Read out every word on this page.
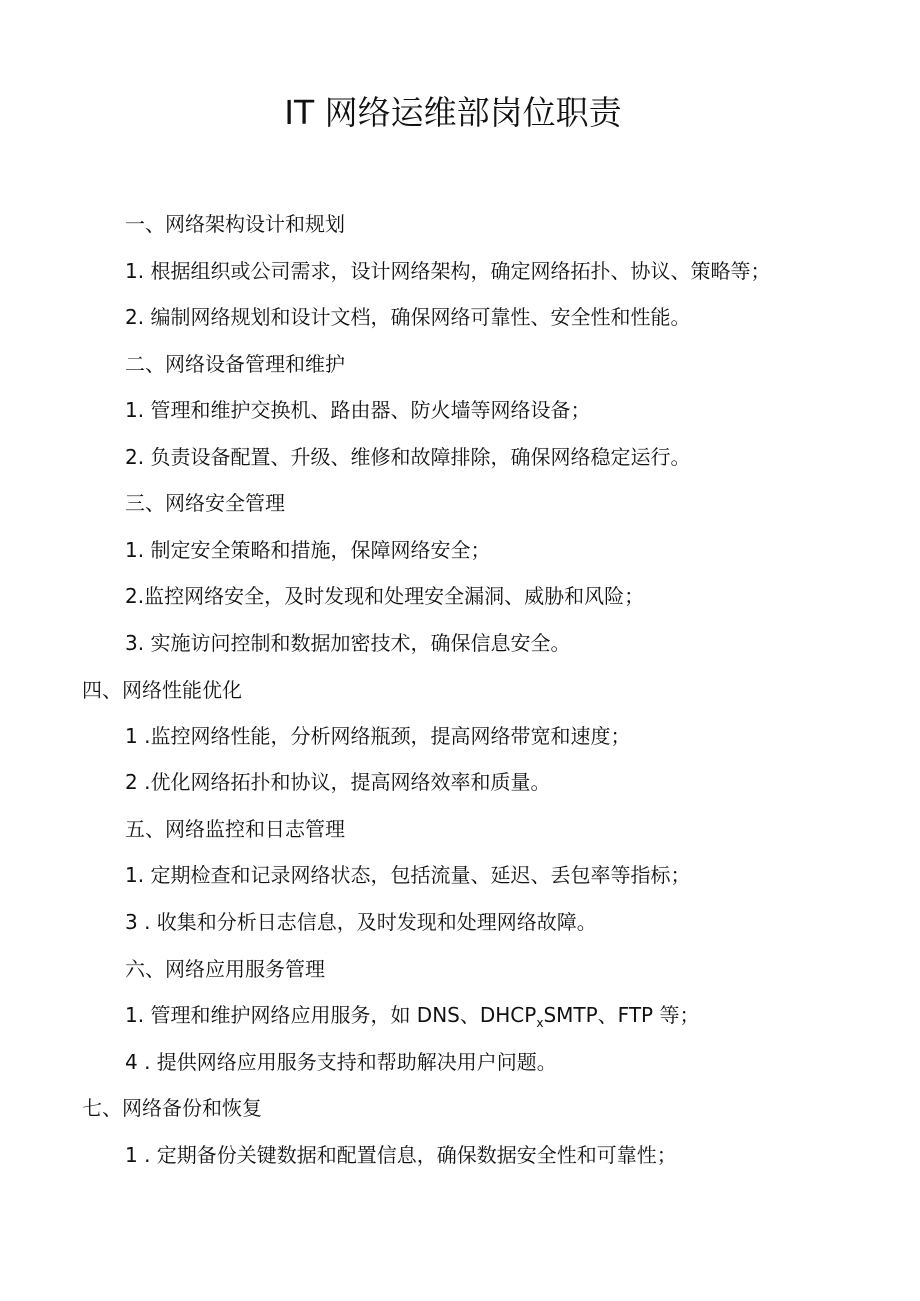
IT 网络运维部岗位职责
一、网络架构设计和规划
1. 根据组织或公司需求，设计网络架构，确定网络拓扑、协议、策略等；
2. 编制网络规划和设计文档，确保网络可靠性、安全性和性能。
二、网络设备管理和维护
1. 管理和维护交换机、路由器、防火墙等网络设备；
2. 负责设备配置、升级、维修和故障排除，确保网络稳定运行。
三、网络安全管理
1. 制定安全策略和措施，保障网络安全；
2.监控网络安全，及时发现和处理安全漏洞、威胁和风险；
3. 实施访问控制和数据加密技术，确保信息安全。
四、网络性能优化
1 .监控网络性能，分析网络瓶颈，提高网络带宽和速度；
2 .优化网络拓扑和协议，提高网络效率和质量。
五、网络监控和日志管理
1. 定期检查和记录网络状态，包括流量、延迟、丢包率等指标；
3 . 收集和分析日志信息，及时发现和处理网络故障。
六、网络应用服务管理
1. 管理和维护网络应用服务，如 DNS、$DHCP_xSMTP$、FTP 等；
4 . 提供网络应用服务支持和帮助解决用户问题。
七、网络备份和恢复
1 . 定期备份关键数据和配置信息，确保数据安全性和可靠性；
